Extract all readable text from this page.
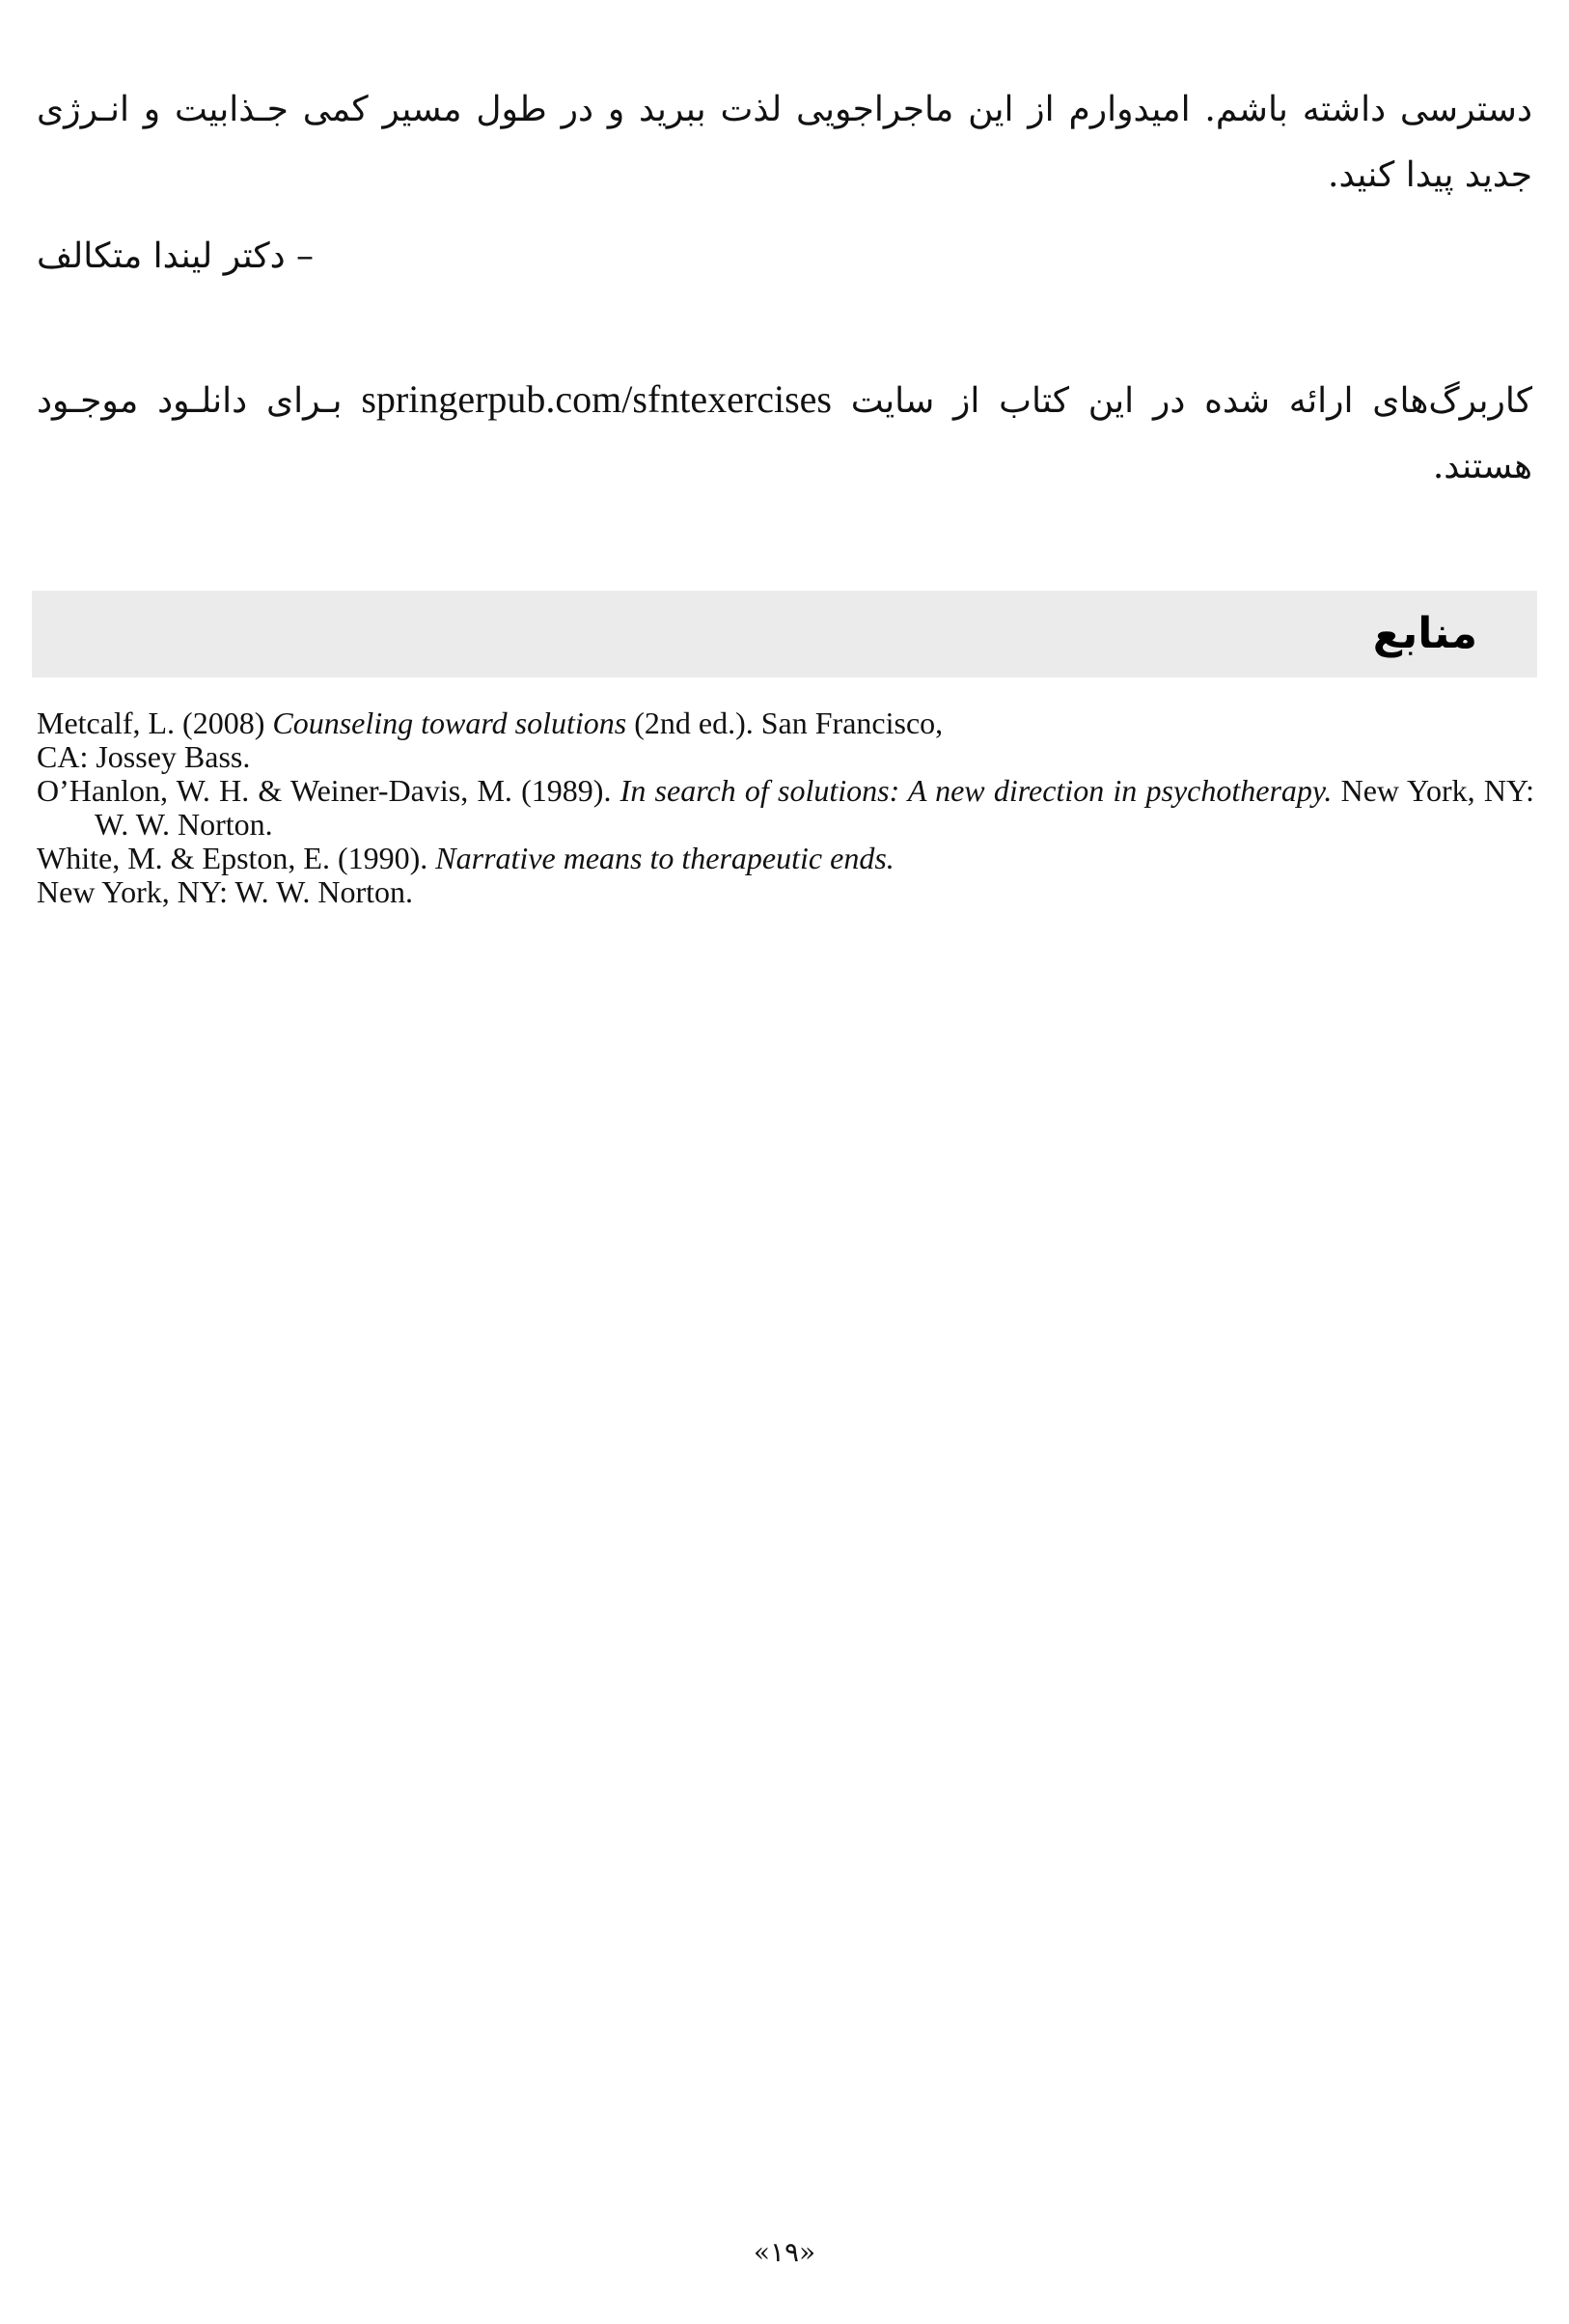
دسترسی داشته باشم. امیدوارم از این ماجراجویی لذت ببرید و در طول مسیر کمی جـذابیت و انـرژی جدید پیدا کنید.

– دکتر لیندا متکالف

کاربرگ‌های ارائه شده در این کتاب از سایت springerpub.com/sfntexercises بـرای دانلـود موجـود هستند.

منابع

Metcalf, L. (2008) Counseling toward solutions (2nd ed.). San Francisco,

CA: Jossey Bass.

O’Hanlon, W. H. & Weiner-Davis, M. (1989). In search of solutions: A new direction in psychotherapy. New York, NY: W. W. Norton.

White, M. & Epston, E. (1990). Narrative means to therapeutic ends.

New York, NY: W. W. Norton.

«۱۹»
